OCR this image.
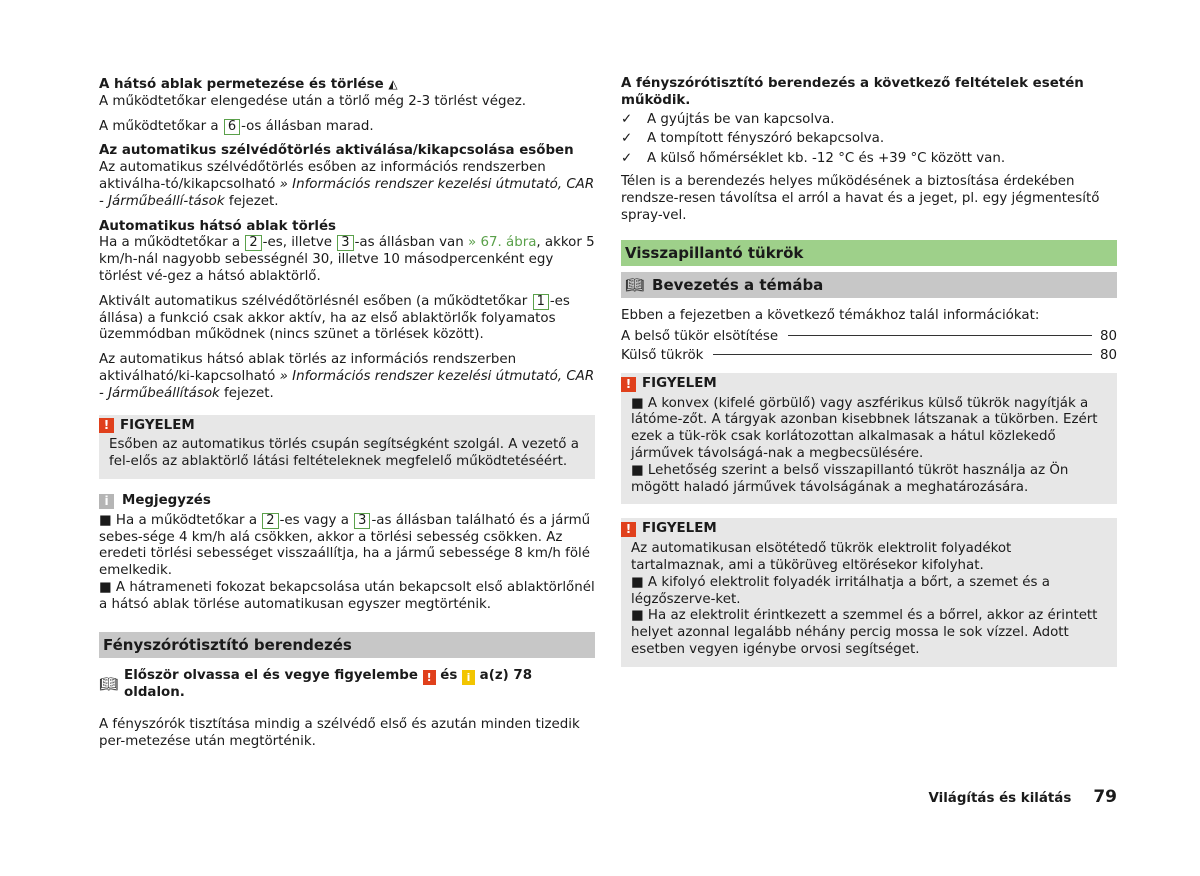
A hátsó ablak permetezése és törlése ◭

A működtetőkar elengedése után a törlő még 2-3 törlést végez.

A működtetőkar a 6 -os állásban marad.

Az automatikus szélvédőtörlés aktiválása/kikapcsolása esőben

Az automatikus szélvédőtörlés esőben az információs rendszerben aktiválha-tó/kikapcsolható » Információs rendszer kezelési útmutató, CAR - Járműbeállí-tások fejezet.

Automatikus hátsó ablak törlés

Ha a működtetőkar a 2 -es, illetve 3 -as állásban van » 67. ábra, akkor 5 km/h-nál nagyobb sebességnél 30, illetve 10 másodpercenként egy törlést vé-gez a hátsó ablaktörlő.

Aktivált automatikus szélvédőtörlésnél esőben (a működtetőkar 1 -es állása) a funkció csak akkor aktív, ha az első ablaktörlők folyamatos üzemmódban működnek (nincs szünet a törlések között).

Az automatikus hátsó ablak törlés az információs rendszerben aktiválható/ki-kapcsolható » Információs rendszer kezelési útmutató, CAR - Járműbeállítások fejezet.

! FIGYELEM
Esőben az automatikus törlés csupán segítségként szolgál. A vezető a fel-elős az ablaktörlő látási feltételeknek megfelelő működtetéséért.
i	Megjegyzés
■ Ha a működtetőkar a 2 -es vagy a 3 -as állásban található és a jármű sebes-sége 4 km/h alá csökken, akkor a törlési sebesség csökken. Az eredeti törlési sebességet visszaállítja, ha a jármű sebessége 8 km/h fölé emelkedik.
■ A hátrameneti fokozat bekapcsolása után bekapcsolt első ablaktörlőnél a hátsó ablak törlése automatikusan egyszer megtörténik.
Fényszórótisztító berendezés
📖︎ Először olvassa el és vegye figyelembe ! és i a(z) 78 oldalon.

A fényszórók tisztítása mindig a szélvédő első és azután minden tizedik per-metezése után megtörténik.

A fényszórótisztító berendezés a következő feltételek esetén működik.
✓ A gyújtás be van kapcsolva.
✓ A tompított fényszóró bekapcsolva.
✓ A külső hőmérséklet kb. -12 °C és +39 °C között van.

Télen is a berendezés helyes működésének a biztosítása érdekében rendsze-resen távolítsa el arról a havat és a jeget, pl. egy jégmentesítő spray-vel.

Visszapillantó tükrök
📖︎ Bevezetés a témába

Ebben a fejezetben a következő témákhoz talál információkat:

A belső tükör elsötítése	80
Külső tükrök	80
! FIGYELEM
■ A konvex (kifelé görbülő) vagy aszférikus külső tükrök nagyítják a látóme-zőt. A tárgyak azonban kisebbnek látszanak a tükörben. Ezért ezek a tük-rök csak korlátozottan alkalmasak a hátul közlekedő járművek távolságá-nak a megbecsülésére.
■ Lehetőség szerint a belső visszapillantó tükröt használja az Ön mögött haladó járművek távolságának a meghatározására.
! FIGYELEM
Az automatikusan elsötétedő tükrök elektrolit folyadékot tartalmaznak, ami a tükörüveg eltörésekor kifolyhat.
■ A kifolyó elektrolit folyadék irritálhatja a bőrt, a szemet és a légzőszerve-ket.
■ Ha az elektrolit érintkezett a szemmel és a bőrrel, akkor az érintett helyet azonnal legalább néhány percig mossa le sok vízzel. Adott esetben vegyen igénybe orvosi segítséget.
Világítás és kilátás 79
